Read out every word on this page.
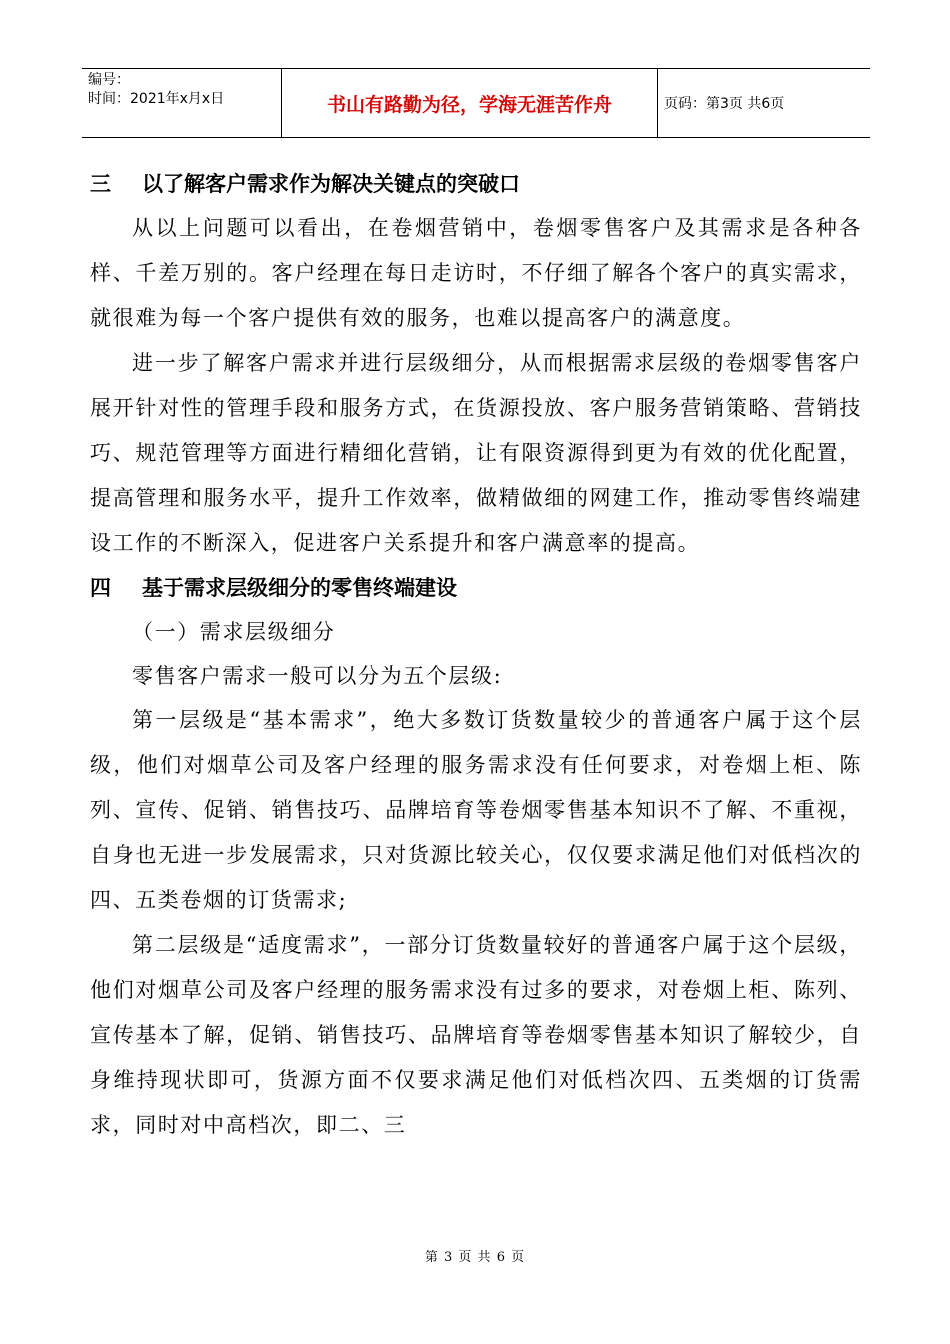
编号：
时间：2021年x月x日	书山有路勤为径，学海无涯苦作舟	页码：第3页 共6页
三 以了解客户需求作为解决关键点的突破口

从以上问题可以看出，在卷烟营销中，卷烟零售客户及其需求是各种各样、千差万别的。客户经理在每日走访时，不仔细了解各个客户的真实需求，就很难为每一个客户提供有效的服务，也难以提高客户的满意度。

进一步了解客户需求并进行层级细分，从而根据需求层级的卷烟零售客户展开针对性的管理手段和服务方式，在货源投放、客户服务营销策略、营销技巧、规范管理等方面进行精细化营销，让有限资源得到更为有效的优化配置，提高管理和服务水平，提升工作效率，做精做细的网建工作，推动零售终端建设工作的不断深入，促进客户关系提升和客户满意率的提高。

四 基于需求层级细分的零售终端建设

（一）需求层级细分

零售客户需求一般可以分为五个层级:

第一层级是“基本需求”，绝大多数订货数量较少的普通客户属于这个层级，他们对烟草公司及客户经理的服务需求没有任何要求，对卷烟上柜、陈列、宣传、促销、销售技巧、品牌培育等卷烟零售基本知识不了解、不重视，自身也无进一步发展需求，只对货源比较关心，仅仅要求满足他们对低档次的四、五类卷烟的订货需求;

第二层级是“适度需求”，一部分订货数量较好的普通客户属于这个层级，他们对烟草公司及客户经理的服务需求没有过多的要求，对卷烟上柜、陈列、宣传基本了解，促销、销售技巧、品牌培育等卷烟零售基本知识了解较少，自身维持现状即可，货源方面不仅要求满足他们对低档次四、五类烟的订货需求，同时对中高档次，即二、三

第 3 页 共 6 页
